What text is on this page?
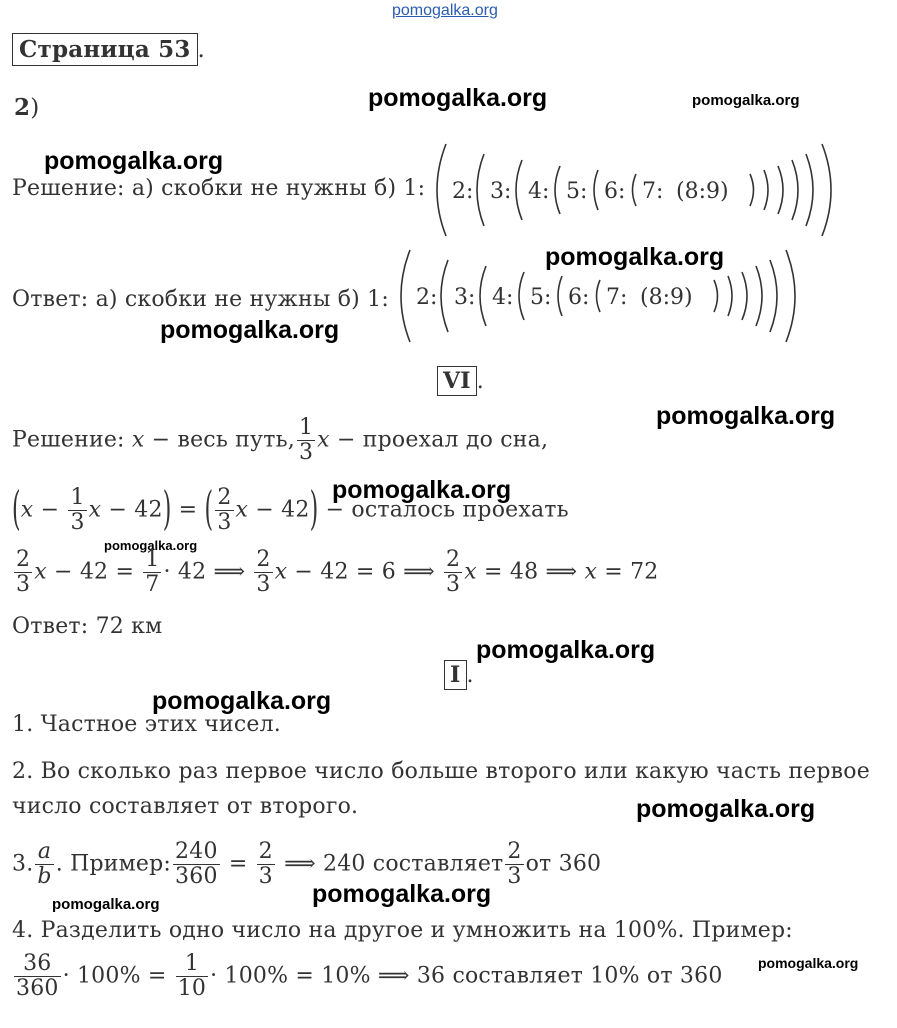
pomogalka.org
Страница 53 .
2)	pomogalka.org	pomogalka.org
pomogalka.org
pomogalka.org
pomogalka.org
pomogalka.org
pomogalka.org
pomogalka.org
pomogalka.org
pomogalka.org
pomogalka.org
pomogalka.org
pomogalka.org
pomogalka.org
Решение: а) скобки не нужны б) 1: 2: 3: 4: 5: 6: 7: (8:9)
Ответ: а) скобки не нужны б) 1: 2: 3: 4: 5: 6: 7: (8:9)
VI .
Решение: x − весь путь, $\frac{1}{3}$ x − проехал до сна,
($x - \frac{1}{3}$ x − 42) = ( $\frac{2}{3}$ x − 42) − осталось проехать
$\frac{2}{3}$ $x - 42 = \frac{1}{7} \cdot 42$ ⟹ $\frac{2}{3}$ x − 42 = 6 ⟹ $\frac{2}{3}$ x = 48 ⟹ x = 72
Ответ: 72 км
I .
1. Частное этих чисел.
2. Во сколько раз первое число больше второго или какую часть первое
число составляет от второго.
3. $\frac{a}{b}$ . Пример: $\frac{240}{360} = \frac{2}{3}$ ⟹ 240 составляет $\frac{2}{3}$ от 360
4. Разделить одно число на другое и умножить на 100%. Пример:
$\frac{36}{360} \cdot 100\% = \frac{1}{10} \cdot 100\% = 10\%$ ⟹ 36 составляет 10% от 360
